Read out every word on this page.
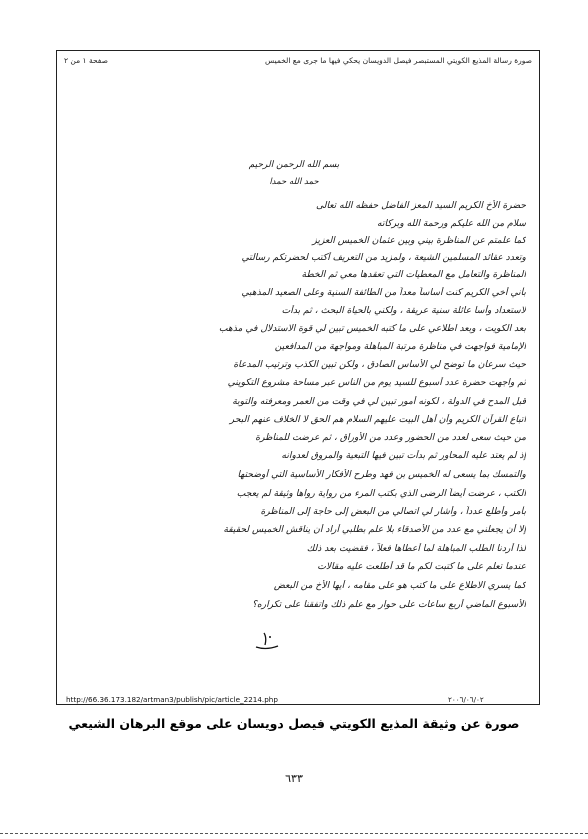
صورة رسالة المذيع الكويتي المستبصر فيصل الدويسان يحكي فيها ما جرى مع الخميس
صفحة ١ من ٢

بسم الله الرحمن الرحيم

حمد الله حمداً

حضرة الأخ الكريم السيد المعز الفاضل حفظه الله تعالى

سلام من الله عليكم ورحمة الله وبركاته

كما علمتم عن المناظرة بيني وبين عثمان الخميس العزيز

وتعدد عقائد المسلمين الشيعة ، ولمزيد من التعريف أكتب لحضرتكم رسالتي

المناظرة والتعامل مع المعطيات التي تعقدها معي ثم الخطة

بأني أخي الكريم كنت أساساً معداً من الطائفة السنية وعلى الصعيد المذهبي

لاستعداد وأسا عائلة سنية عريقة ، ولكني بالحياة البحث ، ثم بدأت

بعد الكويت ، وبعد اطلاعي على ما كتبه الخميس تبين لي قوة الاستدلال في مذهب

الإمامية فواجهت في مناظرة مرتبة المباهلة ومواجهة من المدافعين

حيث سرعان ما توضح لي الأساس الصادق ، ولكن تبين الكذب وترتيب المدعاة

ثم واجهت حضرة عدد أسبوع للسيد يوم من الناس عبر مساحة مشروع التكويني

قبل المدح في الدولة ، لكونه أمور تبين لي في وقت من العمر ومعرفته والتوبة

اتباع القرآن الكريم وأن أهل البيت عليهم السلام هم الحق لا الخلاف عنهم البحر

من حيث سعى لعدد من الحضور وعدد من الأوراق ، ثم عرضت للمناظرة

إذ لم يعتد عليه المحاور ثم بدأت تبين فيها التبعية والمروق لعدوانه

والتمسك بما يسعى له الخميس بن فهد وطرح الأفكار الأساسية التي أوضحتها

الكتب ، عرضت أيضاً الرضى الذي بكتب المرء من رواية رواها وثيقة لم يعجب

بأمر وأطلع عدداً ، وأشار لي اتصالي من البعض إلى حاجة إلى المناظرة

إلا أن يجعلني مع عدد من الأصدقاء بلا علم بطلبي أراد أن يناقش الخميس لحقيقة

لذا أردنا الطلب المباهلة لما أعطاها فعلاً ، فقضيت بعد ذلك

عندما تعلم على ما كتبت لكم ما قد أطلعت عليه مقالات

كما يسري الاطلاع على ما كتب هو على مقامه ، أيها الأخ من البعض

الأسبوع الماضي أربع ساعات على حوار مع علم ذلك واتفقنا على تكراره؟

http://66.36.173.182/artman3/publish/pic/article_2214.php	٢٠٠٦/٠٦/٠٢
صورة عن وثيقة المذيع الكويتي فيصل دويسان على موقع البرهان الشيعي
٦٣٣
